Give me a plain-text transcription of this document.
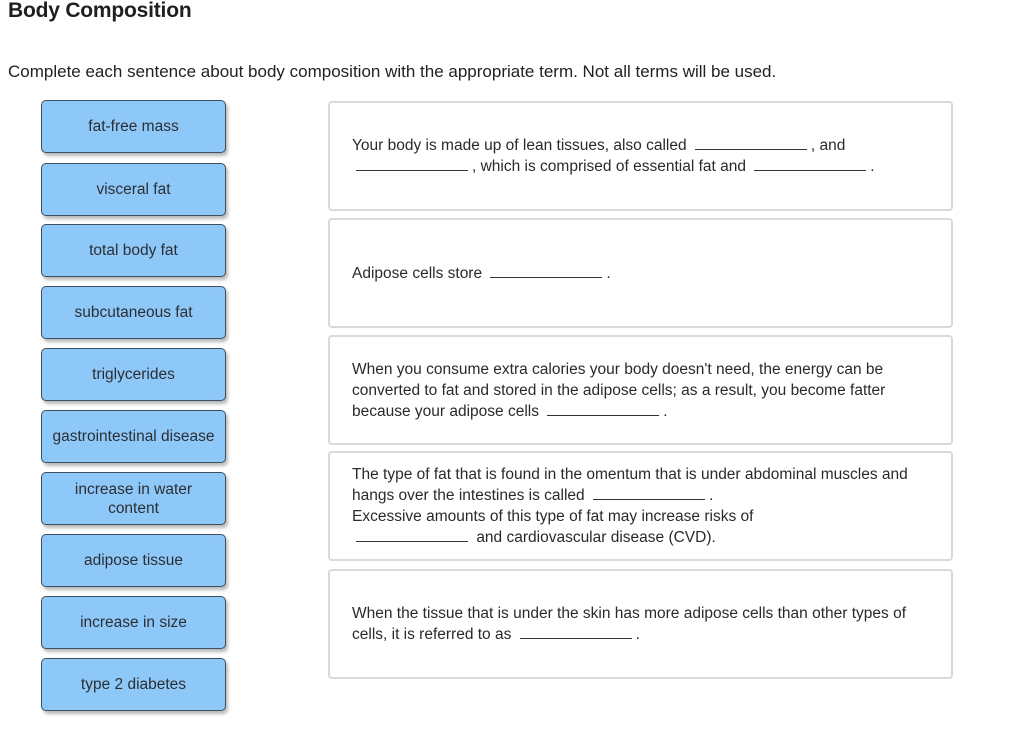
Body Composition
Complete each sentence about body composition with the appropriate term. Not all terms will be used.
fat-free mass
visceral fat
total body fat
subcutaneous fat
triglycerides
gastrointestinal disease
increase in water content
adipose tissue
increase in size
type 2 diabetes
Your body is made up of lean tissues, also called	, and
, which is comprised of essential fat and	.
Adipose cells store	.
When you consume extra calories your body doesn't need, the energy can be converted to fat and stored in the adipose cells; as a result, you become fatter because your adipose cells	.
The type of fat that is found in the omentum that is under abdominal muscles and hangs over the intestines is called	.
Excessive amounts of this type of fat may increase risks of
and cardiovascular disease (CVD).
When the tissue that is under the skin has more adipose cells than other types of cells, it is referred to as	.
